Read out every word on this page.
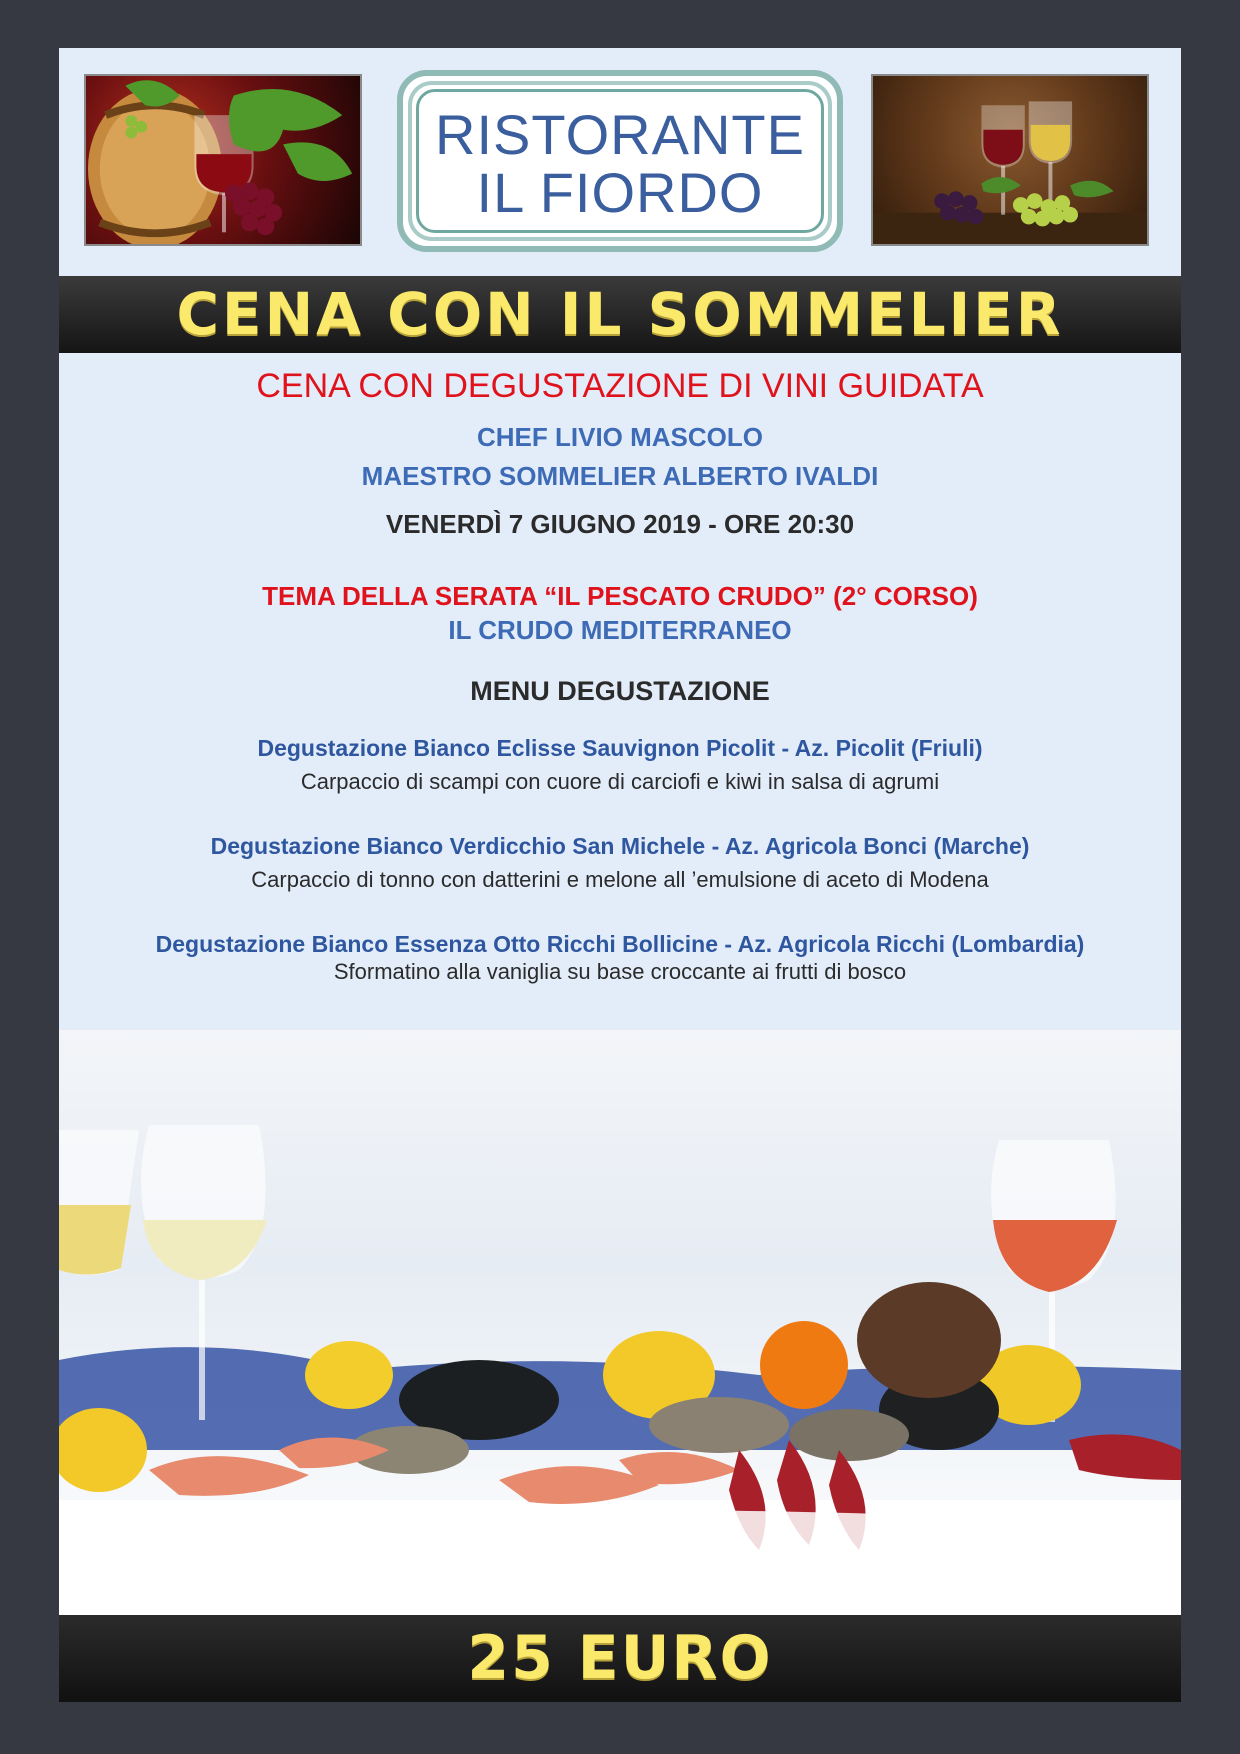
RISTORANTE
IL FIORDO
CENA CON IL SOMMELIER
CENA CON DEGUSTAZIONE DI VINI GUIDATA
CHEF LIVIO MASCOLO
MAESTRO SOMMELIER ALBERTO IVALDI
VENERDÌ 7 GIUGNO 2019 - ORE 20:30
TEMA DELLA SERATA “IL PESCATO CRUDO” (2° CORSO)
IL CRUDO MEDITERRANEO
MENU DEGUSTAZIONE
Degustazione Bianco Eclisse Sauvignon Picolit - Az. Picolit (Friuli)
Carpaccio di scampi con cuore di carciofi e kiwi in salsa di agrumi
Degustazione Bianco Verdicchio San Michele - Az. Agricola Bonci (Marche)
Carpaccio di tonno con datterini e melone all ’emulsione di aceto di Modena
Degustazione Bianco Essenza Otto Ricchi Bollicine - Az. Agricola Ricchi (Lombardia)
Sformatino alla vaniglia su base croccante ai frutti di bosco
25 EURO
